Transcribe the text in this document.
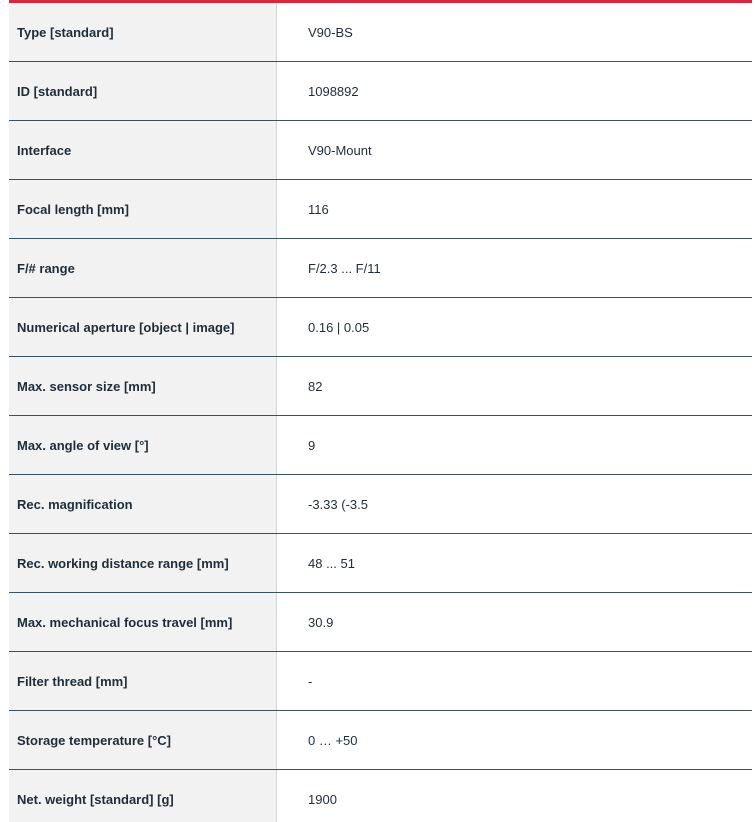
Type [standard]	V90-BS
ID [standard]	1098892
Interface	V90-Mount
Focal length [mm]	116
F/# range	F/2.3 ... F/11
Numerical aperture [object | image]	0.16 | 0.05
Max. sensor size [mm]	82
Max. angle of view [°]	9
Rec. magnification	-3.33 (-3.5
Rec. working distance range [mm]	48 ... 51
Max. mechanical focus travel [mm]	30.9
Filter thread [mm]	-
Storage temperature [°C]	0 … +50
Net. weight [standard] [g]	1900
